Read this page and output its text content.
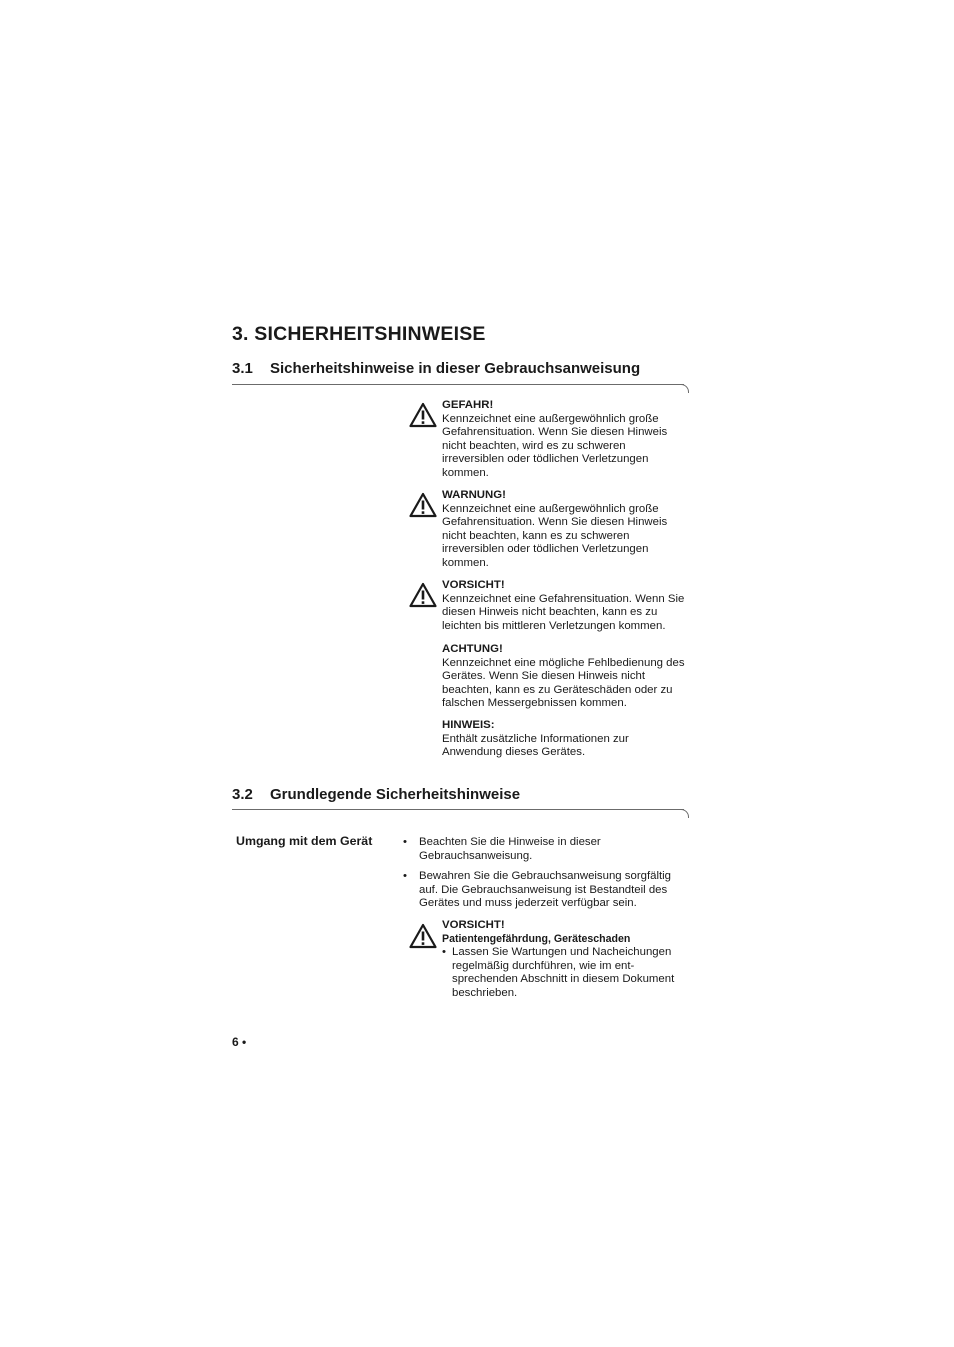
3. SICHERHEITSHINWEISE
3.1 Sicherheitshinweise in dieser Gebrauchsanweisung
GEFAHR!
Kennzeichnet eine außergewöhnlich große
Gefahrensituation. Wenn Sie diesen Hinweis
nicht beachten, wird es zu schweren
irreversiblen oder tödlichen Verletzungen
kommen.
WARNUNG!
Kennzeichnet eine außergewöhnlich große
Gefahrensituation. Wenn Sie diesen Hinweis
nicht beachten, kann es zu schweren
irreversiblen oder tödlichen Verletzungen
kommen.
VORSICHT!
Kennzeichnet eine Gefahrensituation. Wenn Sie
diesen Hinweis nicht beachten, kann es zu
leichten bis mittleren Verletzungen kommen.
ACHTUNG!
Kennzeichnet eine mögliche Fehlbedienung des
Gerätes. Wenn Sie diesen Hinweis nicht
beachten, kann es zu Geräteschäden oder zu
falschen Messergebnissen kommen.
HINWEIS:
Enthält zusätzliche Informationen zur
Anwendung dieses Gerätes.
3.2 Grundlegende Sicherheitshinweise
Umgang mit dem Gerät	• Beachten Sie die Hinweise in dieser
Gebrauchsanweisung.
• Bewahren Sie die Gebrauchsanweisung sorgfältig
auf. Die Gebrauchsanweisung ist Bestandteil des
Gerätes und muss jederzeit verfügbar sein.
VORSICHT!
Patientengefährdung, Geräteschaden
• Lassen Sie Wartungen und Nacheichungen
regelmäßig durchführen, wie im ent-
sprechenden Abschnitt in diesem Dokument
beschrieben.
6 •
